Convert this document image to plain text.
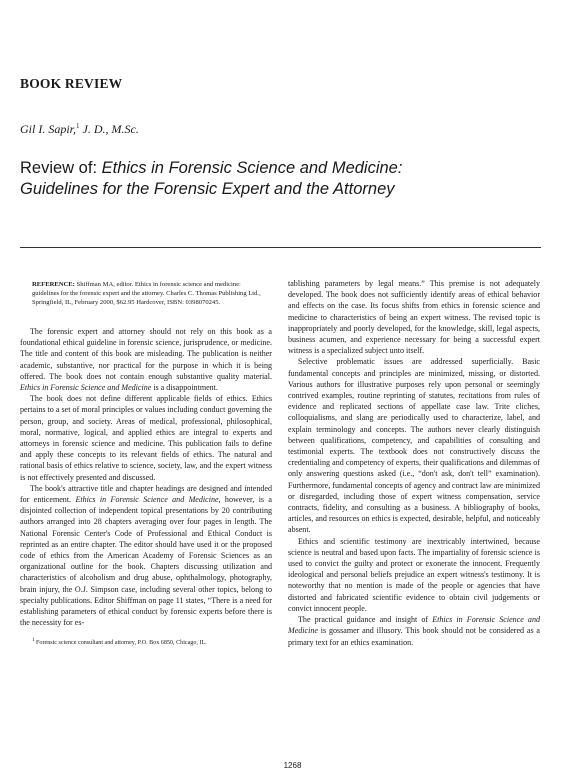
BOOK REVIEW
Gil I. Sapir,$^1$ J. D., M.Sc.
Review of: Ethics in Forensic Science and Medicine: Guidelines for the Forensic Expert and the Attorney
REFERENCE: Shiffman MA, editor. Ethics in forensic science and medicine: guidelines for the forensic expert and the attorney. Charles C. Thomas Publishing Ltd., Springfield, IL, February 2000, $62.95 Hardcover, ISBN: 0398070245.

The forensic expert and attorney should not rely on this book as a foundational ethical guideline in forensic science, jurisprudence, or medicine. The title and content of this book are misleading. The publication is neither academic, substantive, nor practical for the purpose in which it is being offered. The book does not contain enough substantive quality material. Ethics in Forensic Science and Medicine is a disappointment.

The book does not define different applicable fields of ethics. Ethics pertains to a set of moral principles or values including conduct governing the person, group, and society. Areas of medical, professional, philosophical, moral, normative, logical, and applied ethics are integral to experts and attorneys in forensic science and medicine. This publication fails to define and apply these concepts to its relevant fields of ethics. The natural and rational basis of ethics relative to science, society, law, and the expert witness is not effectively presented and discussed.

The book's attractive title and chapter headings are designed and intended for enticement. Ethics in Forensic Science and Medicine, however, is a disjointed collection of independent topical presentations by 20 contributing authors arranged into 28 chapters averaging over four pages in length. The National Forensic Center's Code of Professional and Ethical Conduct is reprinted as an entire chapter. The editor should have used it or the proposed code of ethics from the American Academy of Forensic Sciences as an organizational outline for the book. Chapters discussing utilization and characteristics of alcoholism and drug abuse, ophthalmology, photography, brain injury, the O.J. Simpson case, including several other topics, belong to specialty publications. Editor Shiffman on page 11 states, “There is a need for establishing parameters of ethical conduct by forensic experts before there is the necessity for es-

$^1$ Forensic science consultant and attorney, P.O. Box 6850, Chicago, IL.

tablishing parameters by legal means.” This premise is not adequately developed. The book does not sufficiently identify areas of ethical behavior and effects on the case. Its focus shifts from ethics in forensic science and medicine to characteristics of being an expert witness. The revised topic is inappropriately and poorly developed, for the knowledge, skill, legal aspects, business acumen, and experience necessary for being a successful expert witness is a specialized subject unto itself.

Selective problematic issues are addressed superficially. Basic fundamental concepts and principles are minimized, missing, or distorted. Various authors for illustrative purposes rely upon personal or seemingly contrived examples, routine reprinting of statutes, recitations from rules of evidence and replicated sections of appellate case law. Trite cliches, colloquialisms, and slang are periodically used to characterize, label, and explain terminology and concepts. The authors never clearly distinguish between qualifications, competency, and capabilities of consulting and testimonial experts. The textbook does not constructively discuss the credentialing and competency of experts, their qualifications and dilemmas of only answering questions asked (i.e., “don't ask, don't tell” examination). Furthermore, fundamental concepts of agency and contract law are minimized or disregarded, including those of expert witness compensation, service contracts, fidelity, and consulting as a business. A bibliography of books, articles, and resources on ethics is expected, desirable, helpful, and noticeably absent.

Ethics and scientific testimony are inextricably intertwined, because science is neutral and based upon facts. The impartiality of forensic science is used to convict the guilty and protect or exonerate the innocent. Frequently ideological and personal beliefs prejudice an expert witness's testimony. It is noteworthy that no mention is made of the people or agencies that have distorted and fabricated scientific evidence to obtain civil judgements or convict innocent people.

The practical guidance and insight of Ethics in Forensic Science and Medicine is gossamer and illusory. This book should not be considered as a primary text for an ethics examination.

1268
